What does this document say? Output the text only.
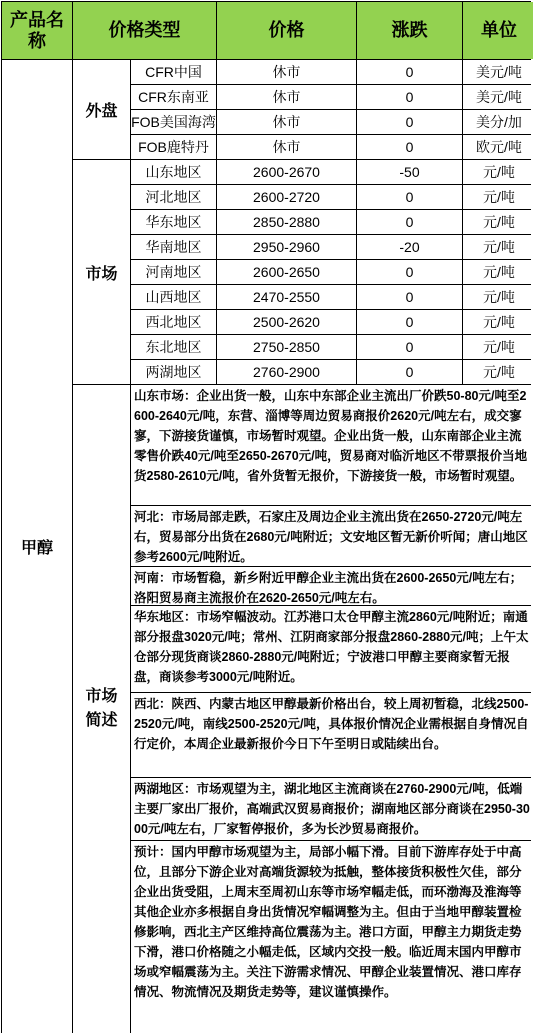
产品名称
价格类型	价格	涨跌	单位
甲醇
外盘
CFR中国	休市	0	美元/吨
CFR东南亚	休市	0	美元/吨
FOB美国海湾	休市	0	美分/加
FOB鹿特丹	休市	0	欧元/吨
市场
山东地区	2600-2670	-50	元/吨
河北地区	2600-2720	0	元/吨
华东地区	2850-2880	0	元/吨
华南地区	2950-2960	-20	元/吨
河南地区	2600-2650	0	元/吨
山西地区	2470-2550	0	元/吨
西北地区	2500-2620	0	元/吨
东北地区	2750-2850	0	元/吨
两湖地区	2760-2900	0	元/吨
市场简述
山东市场：企业出货一般，山东中东部企业主流出厂价跌50-80元/吨至2600-2640元/吨，东营、淄博等周边贸易商报价2620元/吨左右，成交寥寥，下游接货谨慎，市场暂时观望。企业出货一般，山东南部企业主流零售价跌40元/吨至2650-2670元/吨，贸易商对临沂地区不带票报价当地货2580-2610元/吨，省外货暂无报价，下游接货一般，市场暂时观望。
河北：市场局部走跌，石家庄及周边企业主流出货在2650-2720元/吨左右，贸易部分出货在2680元/吨附近；文安地区暂无新价听闻；唐山地区参考2600元/吨附近。
河南：市场暂稳，新乡附近甲醇企业主流出货在2600-2650元/吨左右；洛阳贸易商主流报价在2620-2650元/吨左右。
华东地区：市场窄幅波动。江苏港口太仓甲醇主流2860元/吨附近；南通部分报盘3020元/吨；常州、江阴商家部分报盘2860-2880元/吨；上午太仓部分现货商谈2860-2880元/吨附近；宁波港口甲醇主要商家暂无报盘，商谈参考3000元/吨附近。
西北：陕西、内蒙古地区甲醇最新价格出台，较上周初暂稳，北线2500-2520元/吨，南线2500-2520元/吨，具体报价情况企业需根据自身情况自行定价，本周企业最新报价今日下午至明日或陆续出台。
两湖地区：市场观望为主，湖北地区主流商谈在2760-2900元/吨，低端主要厂家出厂报价，高端武汉贸易商报价；湖南地区部分商谈在2950-3000元/吨左右，厂家暂停报价，多为长沙贸易商报价。
预计：国内甲醇市场观望为主，局部小幅下滑。目前下游库存处于中高位，且部分下游企业对高端货源较为抵触，整体接货积极性欠佳，部分企业出货受阻，上周末至周初山东等市场窄幅走低，而环渤海及淮海等其他企业亦多根据自身出货情况窄幅调整为主。但由于当地甲醇装置检修影响，西北主产区维持高位震荡为主。港口方面，甲醇主力期货走势下滑，港口价格随之小幅走低，区域内交投一般。临近周末国内甲醇市场或窄幅震荡为主。关注下游需求情况、甲醇企业装置情况、港口库存情况、物流情况及期货走势等，建议谨慎操作。
